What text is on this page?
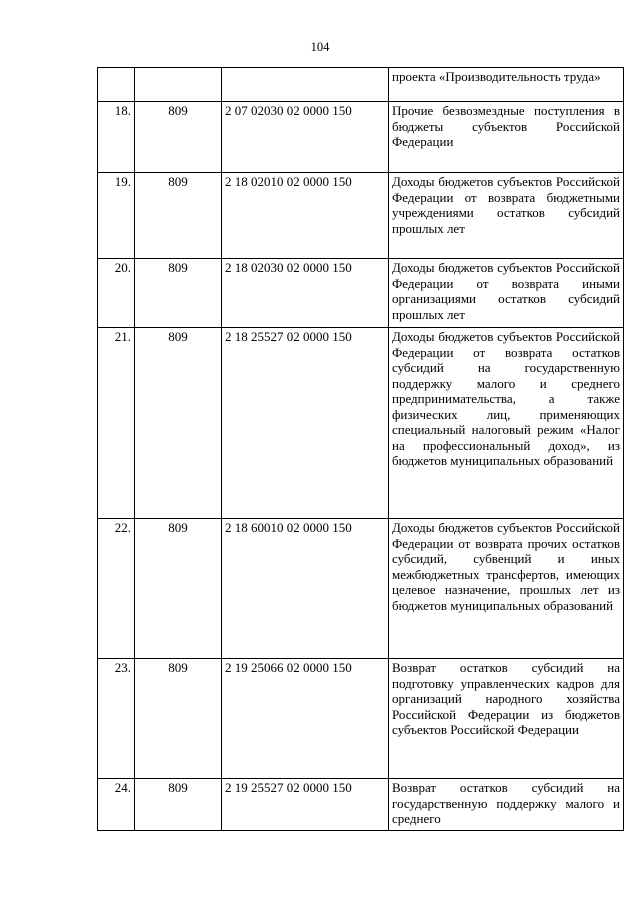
104
			проекта «Производительность труда»
18.	809	2 07 02030 02 0000 150	Прочие безвозмездные поступления в бюджеты субъектов Российской Федерации
19.	809	2 18 02010 02 0000 150	Доходы бюджетов субъектов Российской Федерации от возврата бюджетными учреждениями остатков субсидий прошлых лет
20.	809	2 18 02030 02 0000 150	Доходы бюджетов субъектов Российской Федерации от возврата иными организациями остатков субсидий прошлых лет
21.	809	2 18 25527 02 0000 150	Доходы бюджетов субъектов Российской Федерации от возврата остатков субсидий на государственную поддержку малого и среднего предпринимательства, а также физических лиц, применяющих специальный налоговый режим «Налог на профессиональный доход», из бюджетов муниципальных образований
22.	809	2 18 60010 02 0000 150	Доходы бюджетов субъектов Российской Федерации от возврата прочих остатков субсидий, субвенций и иных межбюджетных трансфертов, имеющих целевое назначение, прошлых лет из бюджетов муниципальных образований
23.	809	2 19 25066 02 0000 150	Возврат остатков субсидий на подготовку управленческих кадров для организаций народного хозяйства Российской Федерации из бюджетов субъектов Российской Федерации
24.	809	2 19 25527 02 0000 150	Возврат остатков субсидий на государственную поддержку малого и среднего
